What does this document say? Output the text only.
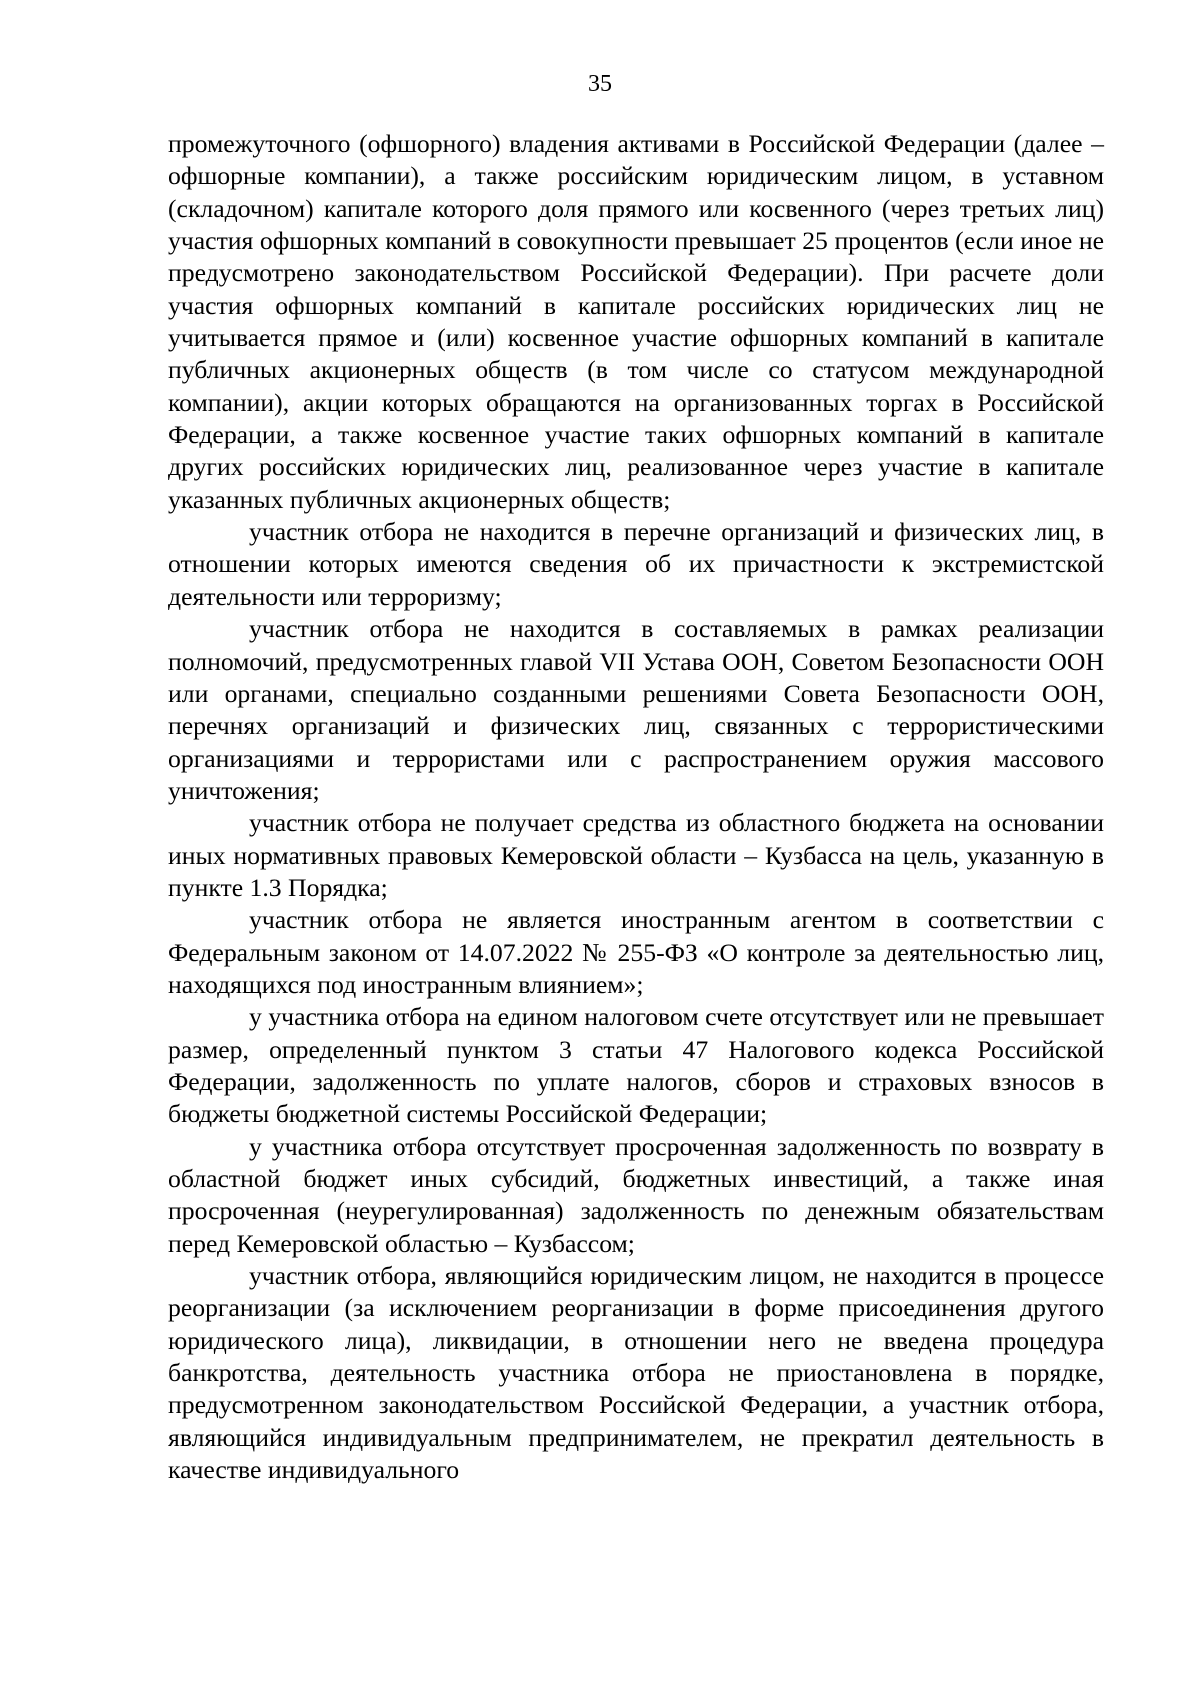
35

промежуточного (офшорного) владения активами в Российской Федерации (далее – офшорные компании), а также российским юридическим лицом, в уставном (складочном) капитале которого доля прямого или косвенного (через третьих лиц) участия офшорных компаний в совокупности превышает 25 процентов (если иное не предусмотрено законодательством Российской Федерации). При расчете доли участия офшорных компаний в капитале российских юридических лиц не учитывается прямое и (или) косвенное участие офшорных компаний в капитале публичных акционерных обществ (в том числе со статусом международной компании), акции которых обращаются на организованных торгах в Российской Федерации, а также косвенное участие таких офшорных компаний в капитале других российских юридических лиц, реализованное через участие в капитале указанных публичных акционерных обществ;

участник отбора не находится в перечне организаций и физических лиц, в отношении которых имеются сведения об их причастности к экстремистской деятельности или терроризму;

участник отбора не находится в составляемых в рамках реализации полномочий, предусмотренных главой VII Устава ООН, Советом Безопасности ООН или органами, специально созданными решениями Совета Безопасности ООН, перечнях организаций и физических лиц, связанных с террористическими организациями и террористами или с распространением оружия массового уничтожения;

участник отбора не получает средства из областного бюджета на основании иных нормативных правовых Кемеровской области – Кузбасса на цель, указанную в пункте 1.3 Порядка;

участник отбора не является иностранным агентом в соответствии с Федеральным законом от 14.07.2022 № 255-ФЗ «О контроле за деятельностью лиц, находящихся под иностранным влиянием»;

у участника отбора на едином налоговом счете отсутствует или не превышает размер, определенный пунктом 3 статьи 47 Налогового кодекса Российской Федерации, задолженность по уплате налогов, сборов и страховых взносов в бюджеты бюджетной системы Российской Федерации;

у участника отбора отсутствует просроченная задолженность по возврату в областной бюджет иных субсидий, бюджетных инвестиций, а также иная просроченная (неурегулированная) задолженность по денежным обязательствам перед Кемеровской областью – Кузбассом;

участник отбора, являющийся юридическим лицом, не находится в процессе реорганизации (за исключением реорганизации в форме присоединения другого юридического лица), ликвидации, в отношении него не введена процедура банкротства, деятельность участника отбора не приостановлена в порядке, предусмотренном законодательством Российской Федерации, а участник отбора, являющийся индивидуальным предпринимателем, не прекратил деятельность в качестве индивидуального
